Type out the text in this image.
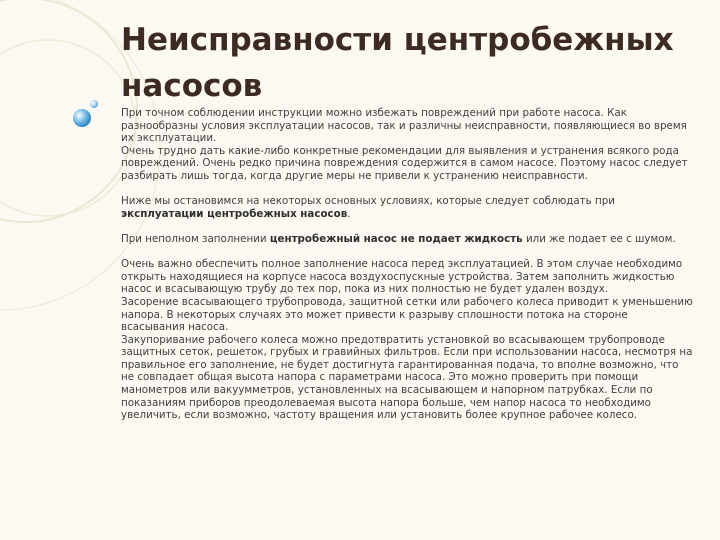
Неисправности центробежных насосов

При точном соблюдении инструкции можно избежать повреждений при работе насоса. Как разнообразны условия эксплуатации насосов, так и различны неисправности, появляющиеся во время их эксплуатации.
Очень трудно дать какие-либо конкретные рекомендации для выявления и устранения всякого рода повреждений. Очень редко причина повреждения содержится в самом насосе. Поэтому насос следует разбирать лишь тогда, когда другие меры не привели к устранению неисправности.

Ниже мы остановимся на некоторых основных условиях, которые следует соблюдать при эксплуатации центробежных насосов.

При неполном заполнении центробежный насос не подает жидкость или же подает ее с шумом.

Очень важно обеспечить полное заполнение насоса перед эксплуатацией. В этом случае необходимо открыть находящиеся на корпусе насоса воздухоспускные устройства. Затем заполнить жидкостью насос и всасывающую трубу до тех пор, пока из них полностью не будет удален воздух.
Засорение всасывающего трубопровода, защитной сетки или рабочего колеса приводит к уменьшению напора. В некоторых случаях это может привести к разрыву сплошности потока на стороне всасывания насоса.
Закупоривание рабочего колеса можно предотвратить установкой во всасывающем трубопроводе защитных сеток, решеток, грубых и гравийных фильтров. Если при использовании насоса, несмотря на правильное его заполнение, не будет достигнута гарантированная подача, то вполне возможно, что не совпадает общая высота напора с параметрами насоса. Это можно проверить при помощи манометров или вакуумметров, установленных на всасывающем и напорном патрубках. Если по показаниям приборов преодолеваемая высота напора больше, чем напор насоса то необходимо увеличить, если возможно, частоту вращения или установить более крупное рабочее колесо.
